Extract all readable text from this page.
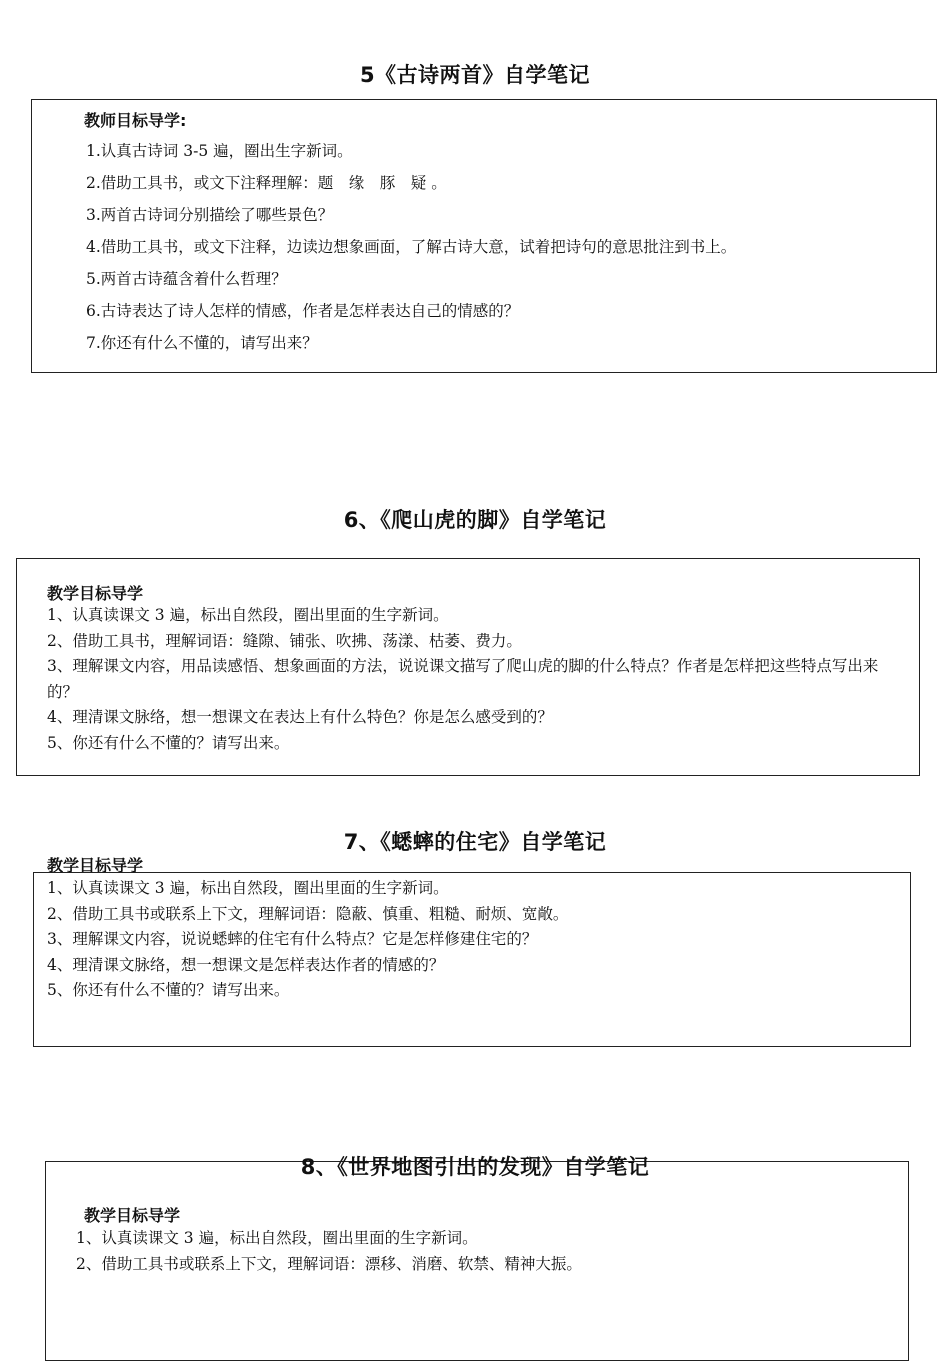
5《古诗两首》自学笔记
教师目标导学:
1.认真古诗词 3-5 遍，圈出生字新词。
2.借助工具书，或文下注释理解：题　缘　豚　疑 。
3.两首古诗词分别描绘了哪些景色？
4.借助工具书，或文下注释，边读边想象画面，了解古诗大意，试着把诗句的意思批注到书上。
5.两首古诗蕴含着什么哲理？
6.古诗表达了诗人怎样的情感，作者是怎样表达自己的情感的？
7.你还有什么不懂的，请写出来？
6、《爬山虎的脚》自学笔记
教学目标导学
1、认真读课文 3 遍，标出自然段，圈出里面的生字新词。
2、借助工具书，理解词语：缝隙、铺张、吹拂、荡漾、枯萎、费力。
3、理解课文内容，用品读感悟、想象画面的方法，说说课文描写了爬山虎的脚的什么特点？作者是怎样把这些特点写出来的？
4、理清课文脉络，想一想课文在表达上有什么特色？你是怎么感受到的？
5、你还有什么不懂的？请写出来。
7、《蟋蟀的住宅》自学笔记
教学目标导学
1、认真读课文 3 遍，标出自然段，圈出里面的生字新词。
2、借助工具书或联系上下文，理解词语：隐蔽、慎重、粗糙、耐烦、宽敞。
3、理解课文内容，说说蟋蟀的住宅有什么特点？它是怎样修建住宅的？
4、理清课文脉络，想一想课文是怎样表达作者的情感的？
5、你还有什么不懂的？请写出来。
8、《世界地图引出的发现》自学笔记
教学目标导学
1、认真读课文 3 遍，标出自然段，圈出里面的生字新词。
2、借助工具书或联系上下文，理解词语：漂移、消磨、软禁、精神大振。
